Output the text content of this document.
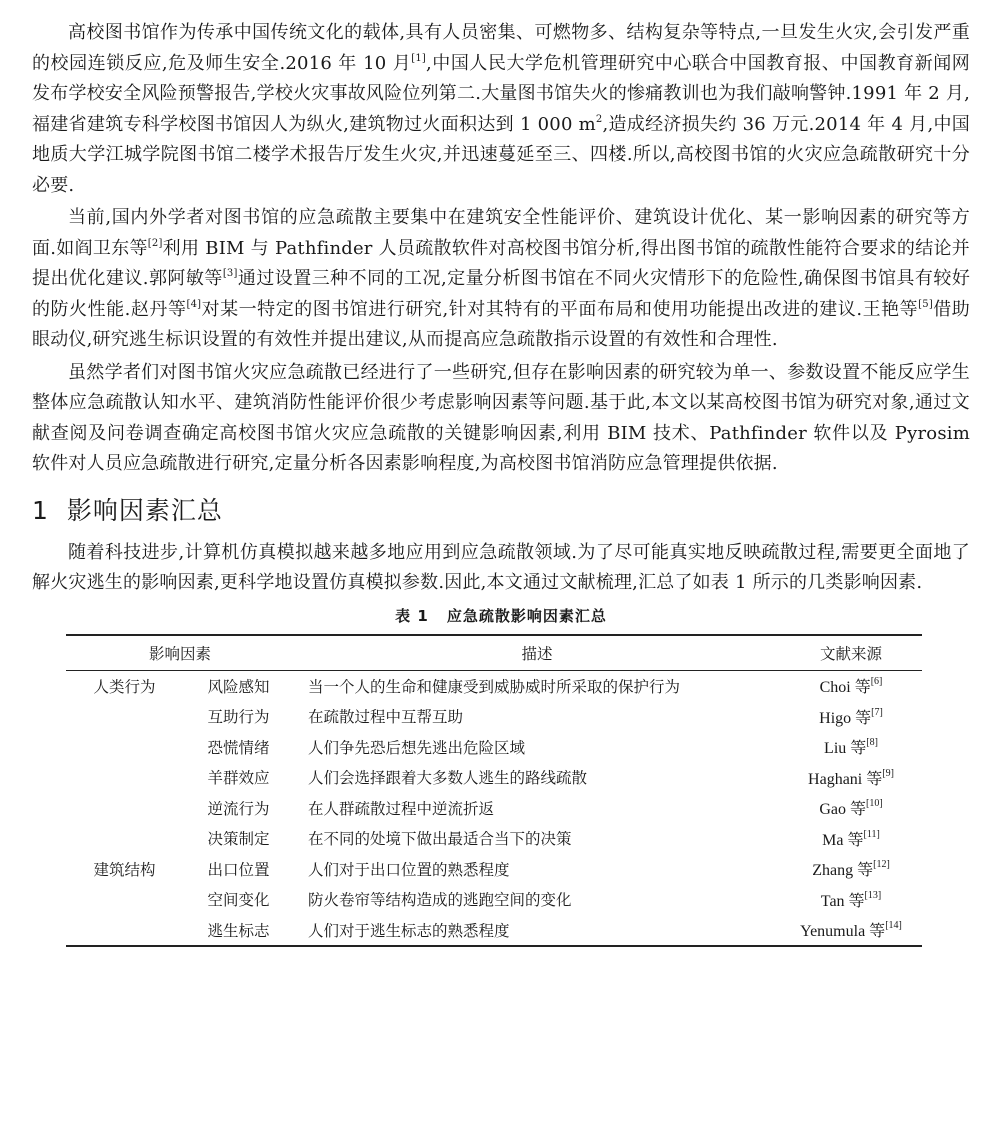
高校图书馆作为传承中国传统文化的载体,具有人员密集、可燃物多、结构复杂等特点,一旦发生火灾,会引发严重的校园连锁反应,危及师生安全.2016 年 10 月[1],中国人民大学危机管理研究中心联合中国教育报、中国教育新闻网发布学校安全风险预警报告,学校火灾事故风险位列第二.大量图书馆失火的惨痛教训也为我们敲响警钟.1991 年 2 月,福建省建筑专科学校图书馆因人为纵火,建筑物过火面积达到 1 000 $m^2$,造成经济损失约 36 万元.2014 年 4 月,中国地质大学江城学院图书馆二楼学术报告厅发生火灾,并迅速蔓延至三、四楼.所以,高校图书馆的火灾应急疏散研究十分必要.

当前,国内外学者对图书馆的应急疏散主要集中在建筑安全性能评价、建筑设计优化、某一影响因素的研究等方面.如阎卫东等[2]利用 BIM 与 Pathfinder 人员疏散软件对高校图书馆分析,得出图书馆的疏散性能符合要求的结论并提出优化建议.郭阿敏等[3]通过设置三种不同的工况,定量分析图书馆在不同火灾情形下的危险性,确保图书馆具有较好的防火性能.赵丹等[4]对某一特定的图书馆进行研究,针对其特有的平面布局和使用功能提出改进的建议.王艳等[5]借助眼动仪,研究逃生标识设置的有效性并提出建议,从而提高应急疏散指示设置的有效性和合理性.

虽然学者们对图书馆火灾应急疏散已经进行了一些研究,但存在影响因素的研究较为单一、参数设置不能反应学生整体应急疏散认知水平、建筑消防性能评价很少考虑影响因素等问题.基于此,本文以某高校图书馆为研究对象,通过文献查阅及问卷调查确定高校图书馆火灾应急疏散的关键影响因素,利用 BIM 技术、Pathfinder 软件以及 Pyrosim 软件对人员应急疏散进行研究,定量分析各因素影响程度,为高校图书馆消防应急管理提供依据.

1 影响因素汇总

随着科技进步,计算机仿真模拟越来越多地应用到应急疏散领域.为了尽可能真实地反映疏散过程,需要更全面地了解火灾逃生的影响因素,更科学地设置仿真模拟参数.因此,本文通过文献梳理,汇总了如表 1 所示的几类影响因素.

表 1 应急疏散影响因素汇总
影响因素		描述	文献来源
人类行为	风险感知	当一个人的生命和健康受到威胁威时所采取的保护行为	Choi 等[6]
	互助行为	在疏散过程中互帮互助	Higo 等[7]
	恐慌情绪	人们争先恐后想先逃出危险区域	Liu 等[8]
	羊群效应	人们会选择跟着大多数人逃生的路线疏散	Haghani 等[9]
	逆流行为	在人群疏散过程中逆流折返	Gao 等[10]
	决策制定	在不同的处境下做出最适合当下的决策	Ma 等[11]
建筑结构	出口位置	人们对于出口位置的熟悉程度	Zhang 等[12]
	空间变化	防火卷帘等结构造成的逃跑空间的变化	Tan 等[13]
	逃生标志	人们对于逃生标志的熟悉程度	Yenumula 等[14]
